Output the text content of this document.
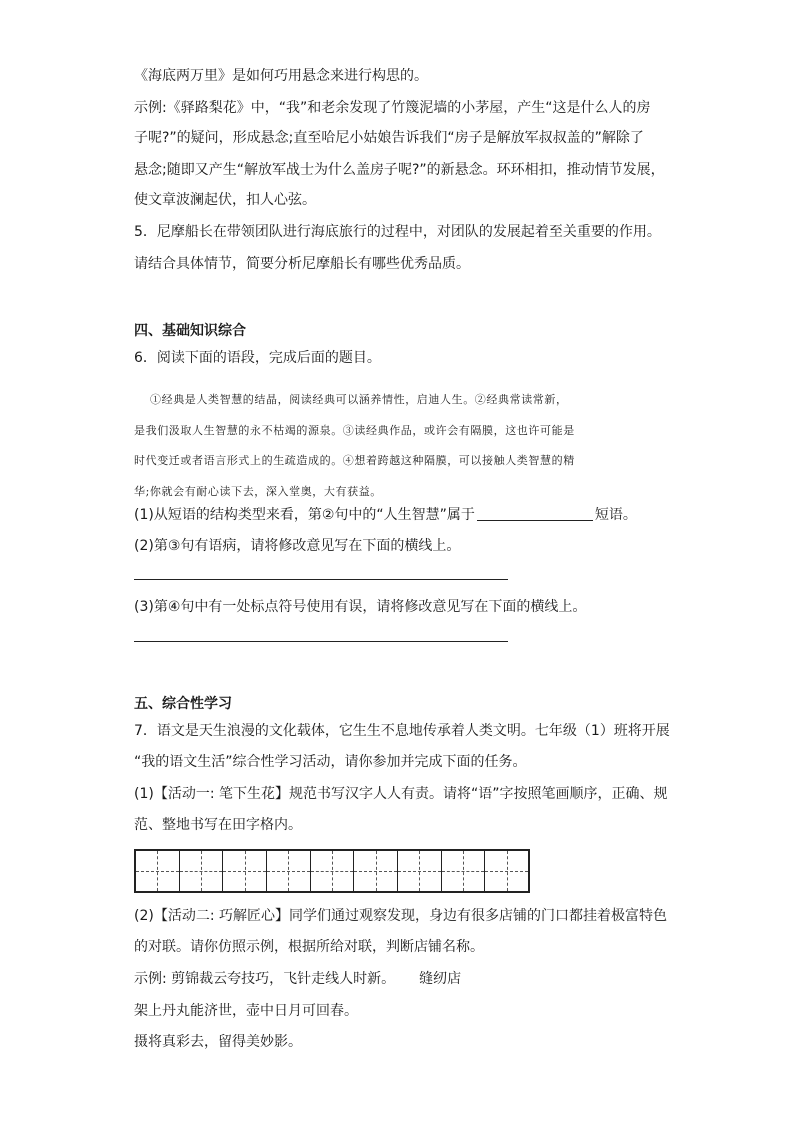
《海底两万里》是如何巧用悬念来进行构思的。

示例:《驿路梨花》中，“我”和老余发现了竹篾泥墙的小茅屋，产生“这是什么人的房

子呢?”的疑问，形成悬念;直至哈尼小姑娘告诉我们“房子是解放军叔叔盖的”解除了

悬念;随即又产生“解放军战士为什么盖房子呢?”的新悬念。环环相扣，推动情节发展，

使文章波澜起伏，扣人心弦。

5．尼摩船长在带领团队进行海底旅行的过程中，对团队的发展起着至关重要的作用。

请结合具体情节，简要分析尼摩船长有哪些优秀品质。

四、基础知识综合

6．阅读下面的语段，完成后面的题目。

①经典是人类智慧的结晶，阅读经典可以涵养情性，启迪人生。②经典常读常新，

是我们汲取人生智慧的永不枯竭的源泉。③读经典作品，或许会有隔膜，这也许可能是

时代变迁或者语言形式上的生疏造成的。④想着跨越这种隔膜，可以接触人类智慧的精

华;你就会有耐心读下去，深入堂奥，大有获益。

(1)从短语的结构类型来看，第②句中的“人生智慧”属于	短语。

(2)第③句有语病，请将修改意见写在下面的横线上。

(3)第④句中有一处标点符号使用有误，请将修改意见写在下面的横线上。

五、综合性学习

7．语文是天生浪漫的文化载体，它生生不息地传承着人类文明。七年级（1）班将开展

“我的语文生活”综合性学习活动，请你参加并完成下面的任务。

(1)【活动一: 笔下生花】规范书写汉字人人有责。请将“语”字按照笔画顺序，正确、规

范、整地书写在田字格内。

(2)【活动二: 巧解匠心】同学们通过观察发现，身边有很多店铺的门口都挂着极富特色

的对联。请你仿照示例，根据所给对联，判断店铺名称。

示例: 剪锦裁云夸技巧，飞针走线人时新。 缝纫店

架上丹丸能济世，壶中日月可回春。

摄将真彩去，留得美妙影。
